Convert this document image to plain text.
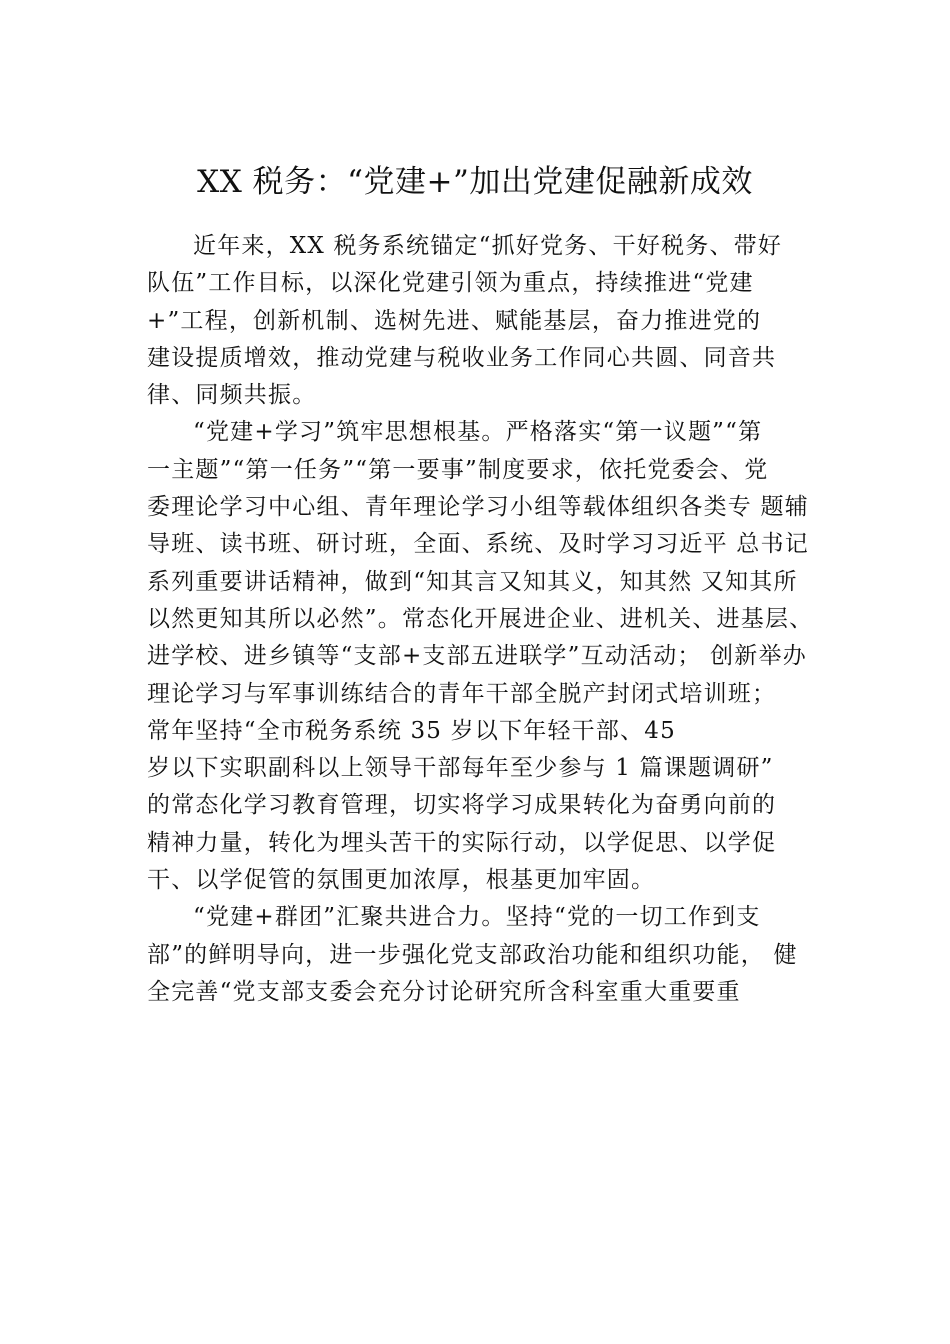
XX 税务：“党建+”加出党建促融新成效
近年来，XX 税务系统锚定“抓好党务、干好税务、带好
队伍”工作目标，以深化党建引领为重点，持续推进“党建
+”工程，创新机制、选树先进、赋能基层，奋力推进党的
建设提质增效，推动党建与税收业务工作同心共圆、同音共
律、同频共振。
“党建+学习”筑牢思想根基。严格落实“第一议题”“第
一主题”“第一任务”“第一要事”制度要求，依托党委会、党
委理论学习中心组、青年理论学习小组等载体组织各类专 题辅
导班、读书班、研讨班，全面、系统、及时学习习近平 总书记
系列重要讲话精神，做到“知其言又知其义，知其然 又知其所
以然更知其所以必然”。常态化开展进企业、进机关、进基层、
进学校、进乡镇等“支部+支部五进联学”互动活动； 创新举办
理论学习与军事训练结合的青年干部全脱产封闭式培训班；
常年坚持“全市税务系统 35 岁以下年轻干部、45
岁以下实职副科以上领导干部每年至少参与 1 篇课题调研”
的常态化学习教育管理，切实将学习成果转化为奋勇向前的
精神力量，转化为埋头苦干的实际行动，以学促思、以学促
干、以学促管的氛围更加浓厚，根基更加牢固。
“党建+群团”汇聚共进合力。坚持“党的一切工作到支
部”的鲜明导向，进一步强化党支部政治功能和组织功能， 健
全完善“党支部支委会充分讨论研究所含科室重大重要重
